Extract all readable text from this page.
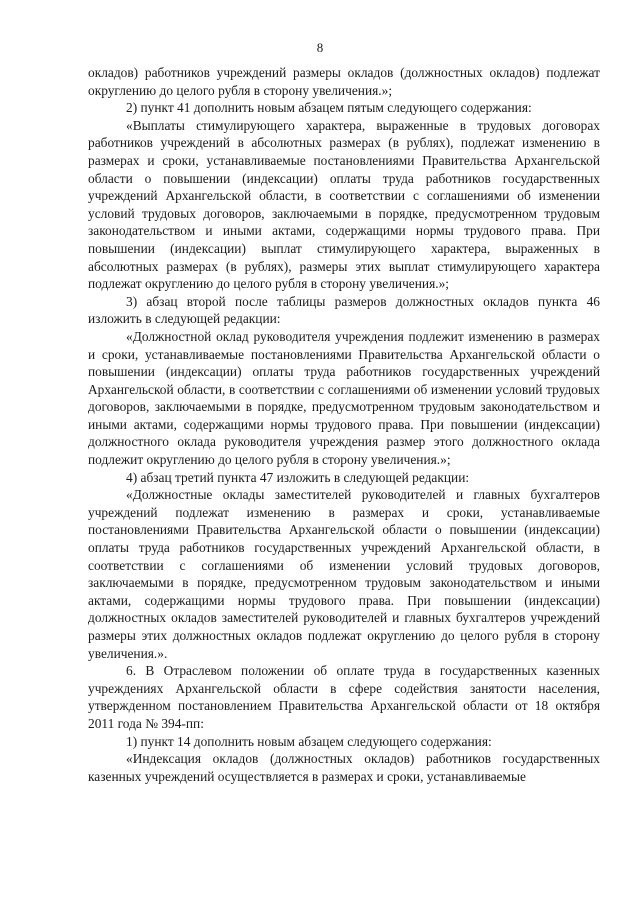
8

окладов) работников учреждений размеры окладов (должностных окладов) подлежат округлению до целого рубля в сторону увеличения.»;

2) пункт 41 дополнить новым абзацем пятым следующего содержания:

«Выплаты стимулирующего характера, выраженные в трудовых договорах работников учреждений в абсолютных размерах (в рублях), подлежат изменению в размерах и сроки, устанавливаемые постановлениями Правительства Архангельской области о повышении (индексации) оплаты труда работников государственных учреждений Архангельской области, в соответствии с соглашениями об изменении условий трудовых договоров, заключаемыми в порядке, предусмотренном трудовым законодательством и иными актами, содержащими нормы трудового права. При повышении (индексации) выплат стимулирующего характера, выраженных в абсолютных размерах (в рублях), размеры этих выплат стимулирующего характера подлежат округлению до целого рубля в сторону увеличения.»;

3) абзац второй после таблицы размеров должностных окладов пункта 46 изложить в следующей редакции:

«Должностной оклад руководителя учреждения подлежит изменению в размерах и сроки, устанавливаемые постановлениями Правительства Архангельской области о повышении (индексации) оплаты труда работников государственных учреждений Архангельской области, в соответствии с соглашениями об изменении условий трудовых договоров, заключаемыми в порядке, предусмотренном трудовым законодательством и иными актами, содержащими нормы трудового права. При повышении (индексации) должностного оклада руководителя учреждения размер этого должностного оклада подлежит округлению до целого рубля в сторону увеличения.»;

4) абзац третий пункта 47 изложить в следующей редакции:

«Должностные оклады заместителей руководителей и главных бухгалтеров учреждений подлежат изменению в размерах и сроки, устанавливаемые постановлениями Правительства Архангельской области о повышении (индексации) оплаты труда работников государственных учреждений Архангельской области, в соответствии с соглашениями об изменении условий трудовых договоров, заключаемыми в порядке, предусмотренном трудовым законодательством и иными актами, содержащими нормы трудового права. При повышении (индексации) должностных окладов заместителей руководителей и главных бухгалтеров учреждений размеры этих должностных окладов подлежат округлению до целого рубля в сторону увеличения.».

6. В Отраслевом положении об оплате труда в государственных казенных учреждениях Архангельской области в сфере содействия занятости населения, утвержденном постановлением Правительства Архангельской области от 18 октября 2011 года № 394-пп:

1) пункт 14 дополнить новым абзацем следующего содержания:

«Индексация окладов (должностных окладов) работников государственных казенных учреждений осуществляется в размерах и сроки, устанавливаемые
